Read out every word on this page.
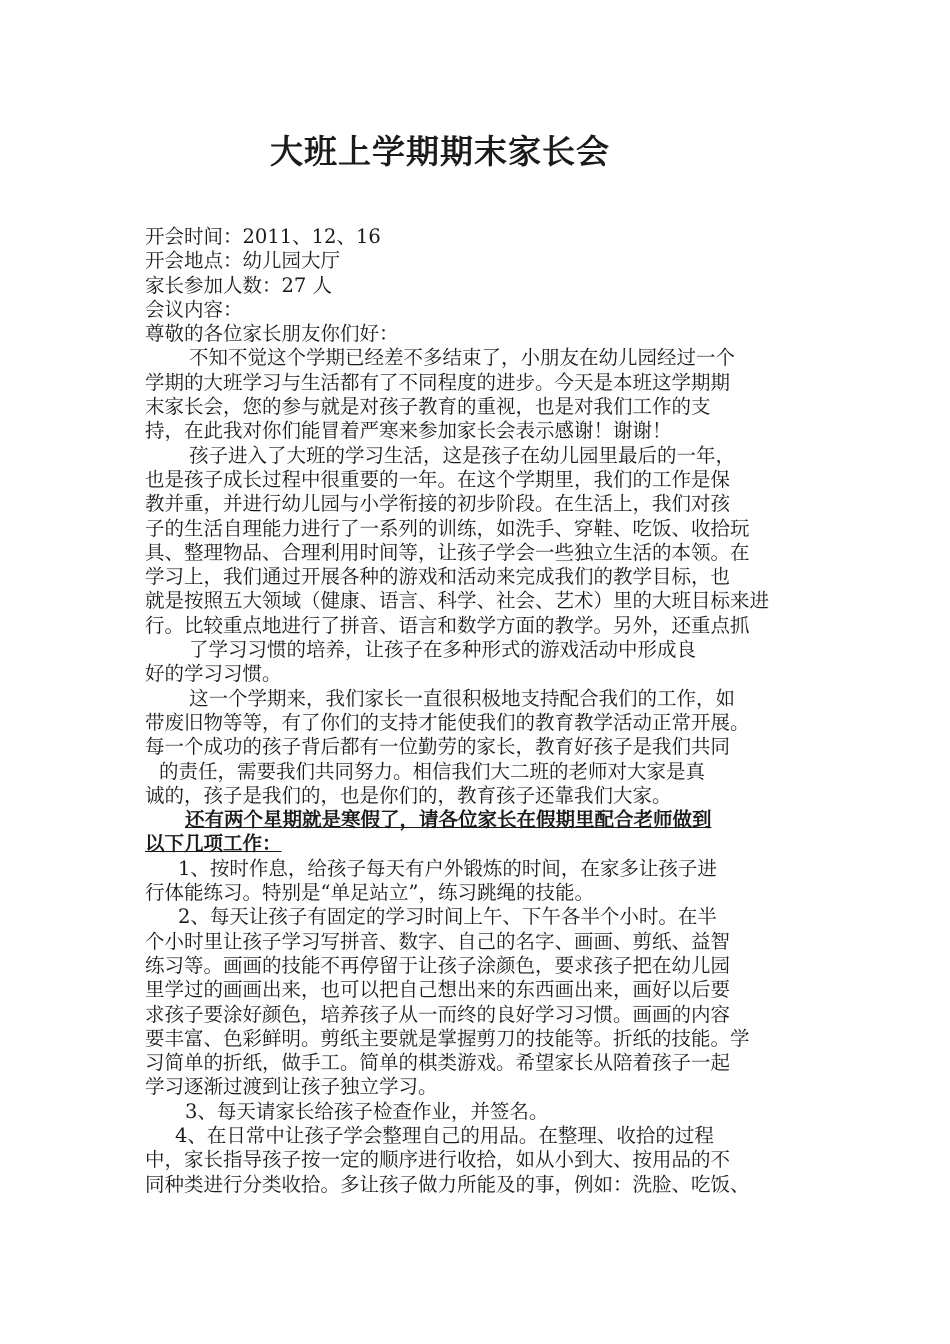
大班上学期期末家长会
开会时间：2011、12、16
开会地点：幼儿园大厅
家长参加人数：27 人
会议内容：
尊敬的各位家长朋友你们好：
不知不觉这个学期已经差不多结束了，小朋友在幼儿园经过一个
学期的大班学习与生活都有了不同程度的进步。今天是本班这学期期
末家长会，您的参与就是对孩子教育的重视，也是对我们工作的支
持，在此我对你们能冒着严寒来参加家长会表示感谢！谢谢！
孩子进入了大班的学习生活，这是孩子在幼儿园里最后的一年，
也是孩子成长过程中很重要的一年。在这个学期里，我们的工作是保
教并重，并进行幼儿园与小学衔接的初步阶段。在生活上，我们对孩
子的生活自理能力进行了一系列的训练，如洗手、穿鞋、吃饭、收拾玩
具、整理物品、合理利用时间等，让孩子学会一些独立生活的本领。在
学习上，我们通过开展各种的游戏和活动来完成我们的教学目标，也
就是按照五大领域（健康、语言、科学、社会、艺术）里的大班目标来进
行。比较重点地进行了拼音、语言和数学方面的教学。另外，还重点抓
了学习习惯的培养，让孩子在多种形式的游戏活动中形成良
好的学习习惯。
这一个学期来，我们家长一直很积极地支持配合我们的工作，如
带废旧物等等，有了你们的支持才能使我们的教育教学活动正常开展。
每一个成功的孩子背后都有一位勤劳的家长，教育好孩子是我们共同
的责任，需要我们共同努力。相信我们大二班的老师对大家是真
诚的，孩子是我们的，也是你们的，教育孩子还靠我们大家。
还有两个星期就是寒假了，请各位家长在假期里配合老师做到
以下几项工作：
1、按时作息，给孩子每天有户外锻炼的时间，在家多让孩子进
行体能练习。特别是“单足站立”，练习跳绳的技能。
2、每天让孩子有固定的学习时间上午、下午各半个小时。在半
个小时里让孩子学习写拼音、数字、自己的名字、画画、剪纸、益智
练习等。画画的技能不再停留于让孩子涂颜色，要求孩子把在幼儿园
里学过的画画出来，也可以把自己想出来的东西画出来，画好以后要
求孩子要涂好颜色，培养孩子从一而终的良好学习习惯。画画的内容
要丰富、色彩鲜明。剪纸主要就是掌握剪刀的技能等。折纸的技能。学
习简单的折纸，做手工。简单的棋类游戏。希望家长从陪着孩子一起
学习逐渐过渡到让孩子独立学习。
3、每天请家长给孩子检查作业，并签名。
4、在日常中让孩子学会整理自己的用品。在整理、收拾的过程
中，家长指导孩子按一定的顺序进行收拾，如从小到大、按用品的不
同种类进行分类收拾。多让孩子做力所能及的事，例如：洗脸、吃饭、
